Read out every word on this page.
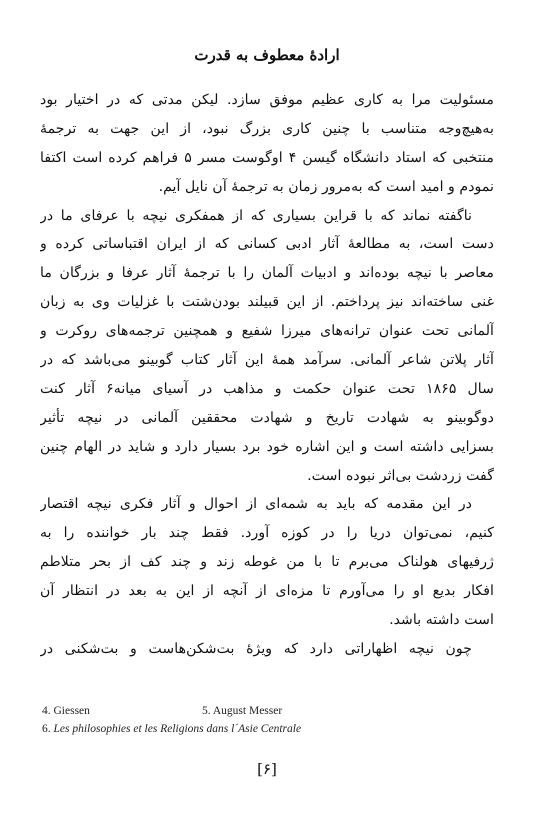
ارادهٔ معطوف به قدرت
مسئولیت مرا به کاری عظیم موفق سازد. لیکن مدتی که در اختیار بود
به‌هیچ‌وجه متناسب با چنین کاری بزرگ نبود، از این جهت به ترجمهٔ
منتخبی که استاد دانشگاه گیسن ۴ اوگوست مسر ۵ فراهم کرده است اکتفا
نمودم و امید است که به‌مرور زمان به ترجمهٔ آن نایل آیم.
ناگفته نماند که با قراین بسیاری که از همفکری نیچه با عرفای ما در
دست است، به مطالعهٔ آثار ادبی کسانی که از ایران اقتباساتی کرده و
معاصر با نیچه بوده‌اند و ادبیات آلمان را با ترجمهٔ آثار عرفا و بزرگان ما
غنی ساخته‌اند نیز پرداختم. از این قبیلند بودن‌شتت با غزلیات وی به زبان
آلمانی تحت عنوان ترانه‌های میرزا شفیع و همچنین ترجمه‌های روکرت و
آثار پلاتن شاعر آلمانی. سرآمد همهٔ این آثار کتاب گوبینو می‌باشد که در
سال ۱۸۶۵ تحت عنوان حکمت و مذاهب در آسیای میانه۶ آثار کنت
دوگوبینو به شهادت تاریخ و شهادت محققین آلمانی در نیچه تأثیر
بسزایی داشته است و این اشاره خود برد بسیار دارد و شاید در الهام چنین
گفت زردشت بی‌اثر نبوده است.
در این مقدمه که باید به شمه‌ای از احوال و آثار فکری نیچه اقتصار
کنیم، نمی‌توان دریا را در کوزه آورد. فقط چند بار خواننده را به
ژرفیهای هولناک می‌برم تا با من غوطه زند و چند کف از بحر متلاطم
افکار بدیع او را می‌آورم تا مزه‌ای از آنچه از این به بعد در انتظار آن
است داشته باشد.
چون نیچه اظهاراتی دارد که ویژهٔ بت‌شکن‌هاست و بت‌شکنی در
4. Giessen	5. August Messer
6. Les philosophies et les Religions dans l´Asie Centrale
[۶]
